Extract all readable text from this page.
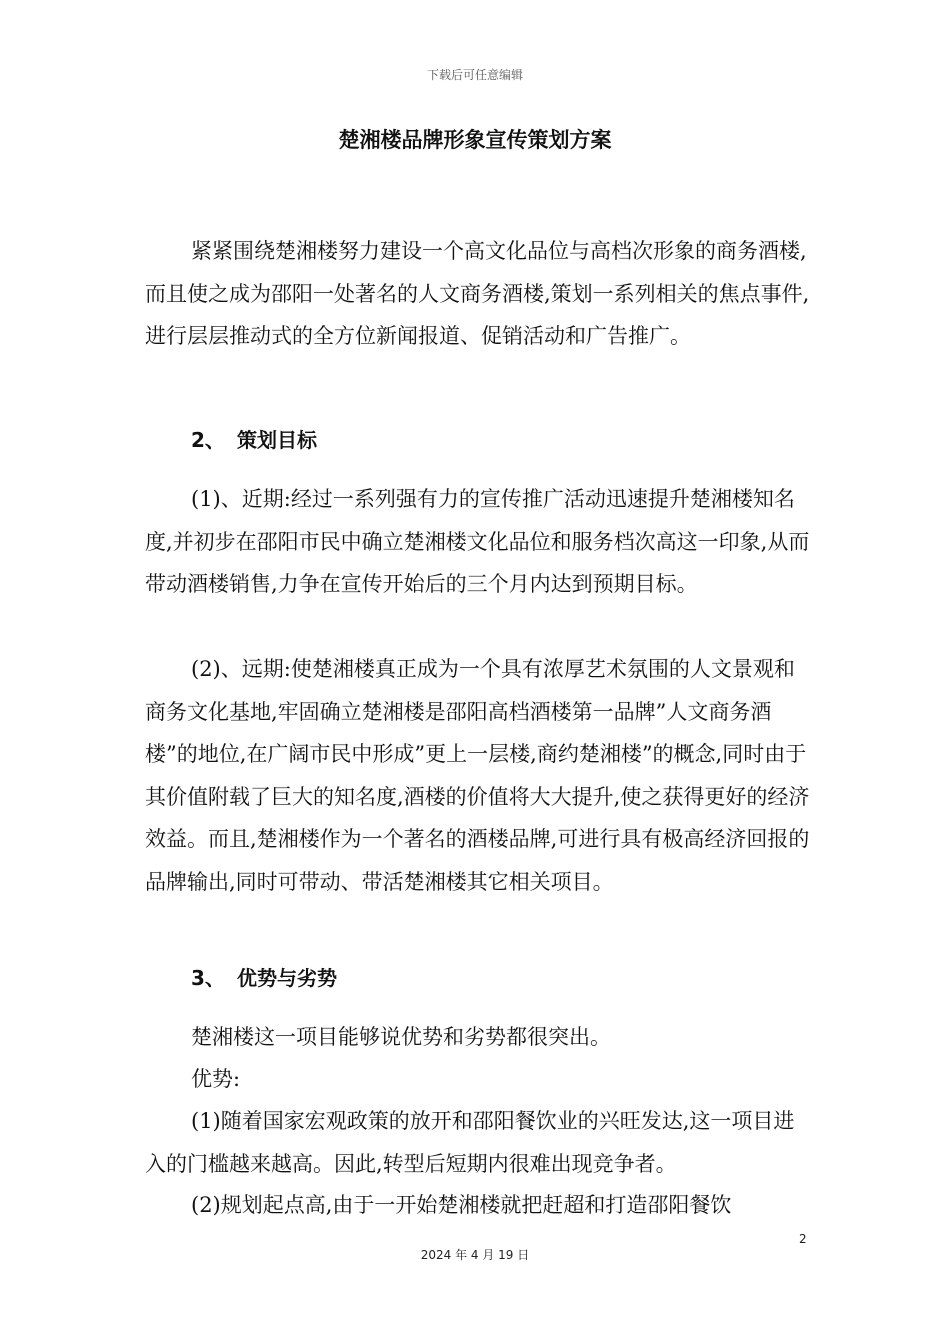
下载后可任意编辑
楚湘楼品牌形象宣传策划方案

紧紧围绕楚湘楼努力建设一个高文化品位与高档次形象的商务酒楼,而且使之成为邵阳一处著名的人文商务酒楼,策划一系列相关的焦点事件,进行层层推动式的全方位新闻报道、促销活动和广告推广。

2、 策划目标

(1)、近期:经过一系列强有力的宣传推广活动迅速提升楚湘楼知名度,并初步在邵阳市民中确立楚湘楼文化品位和服务档次高这一印象,从而带动酒楼销售,力争在宣传开始后的三个月内达到预期目标。

(2)、远期:使楚湘楼真正成为一个具有浓厚艺术氛围的人文景观和商务文化基地,牢固确立楚湘楼是邵阳高档酒楼第一品牌”人文商务酒楼”的地位,在广阔市民中形成”更上一层楼,商约楚湘楼”的概念,同时由于其价值附载了巨大的知名度,酒楼的价值将大大提升,使之获得更好的经济效益。而且,楚湘楼作为一个著名的酒楼品牌,可进行具有极高经济回报的品牌输出,同时可带动、带活楚湘楼其它相关项目。

3、 优势与劣势

楚湘楼这一项目能够说优势和劣势都很突出。

优势:

(1)随着国家宏观政策的放开和邵阳餐饮业的兴旺发达,这一项目进入的门槛越来越高。因此,转型后短期内很难出现竞争者。

(2)规划起点高,由于一开始楚湘楼就把赶超和打造邵阳餐饮

2
2024 年 4 月 19 日
